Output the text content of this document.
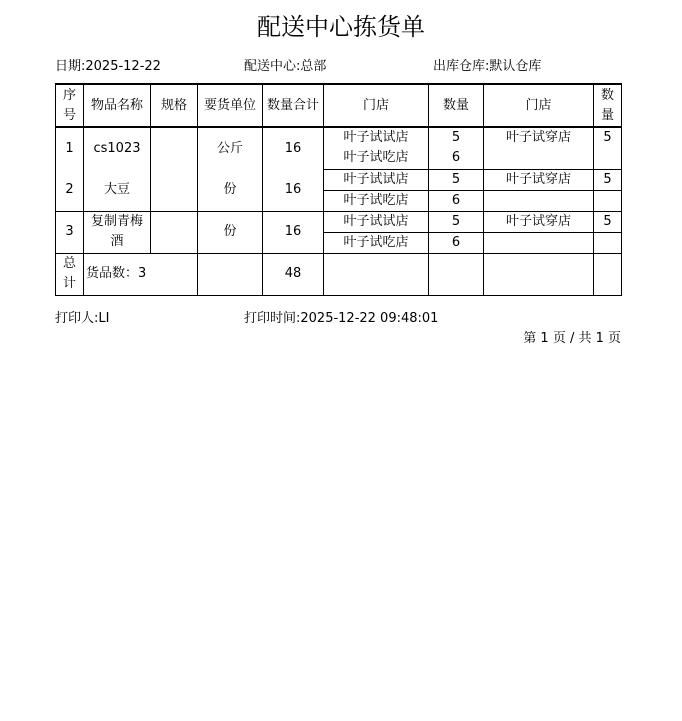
配送中心拣货单
日期:2025-12-22	配送中心:总部	出库仓库:默认仓库
序号	物品名称	规格	要货单位	数量合计	门店	数量	门店	数量
1	cs1023		公斤	16	叶子试试店	5	叶子试穿店	5
					叶子试吃店	6		
2	大豆		份	16	叶子试试店	5	叶子试穿店	5
					叶子试吃店	6		
3	复制青梅酒		份	16	叶子试试店	5	叶子试穿店	5
					叶子试吃店	6		
总计	货品数：3			48				
打印人:LI	打印时间:2025-12-22 09:48:01
第 1 页 / 共 1 页
